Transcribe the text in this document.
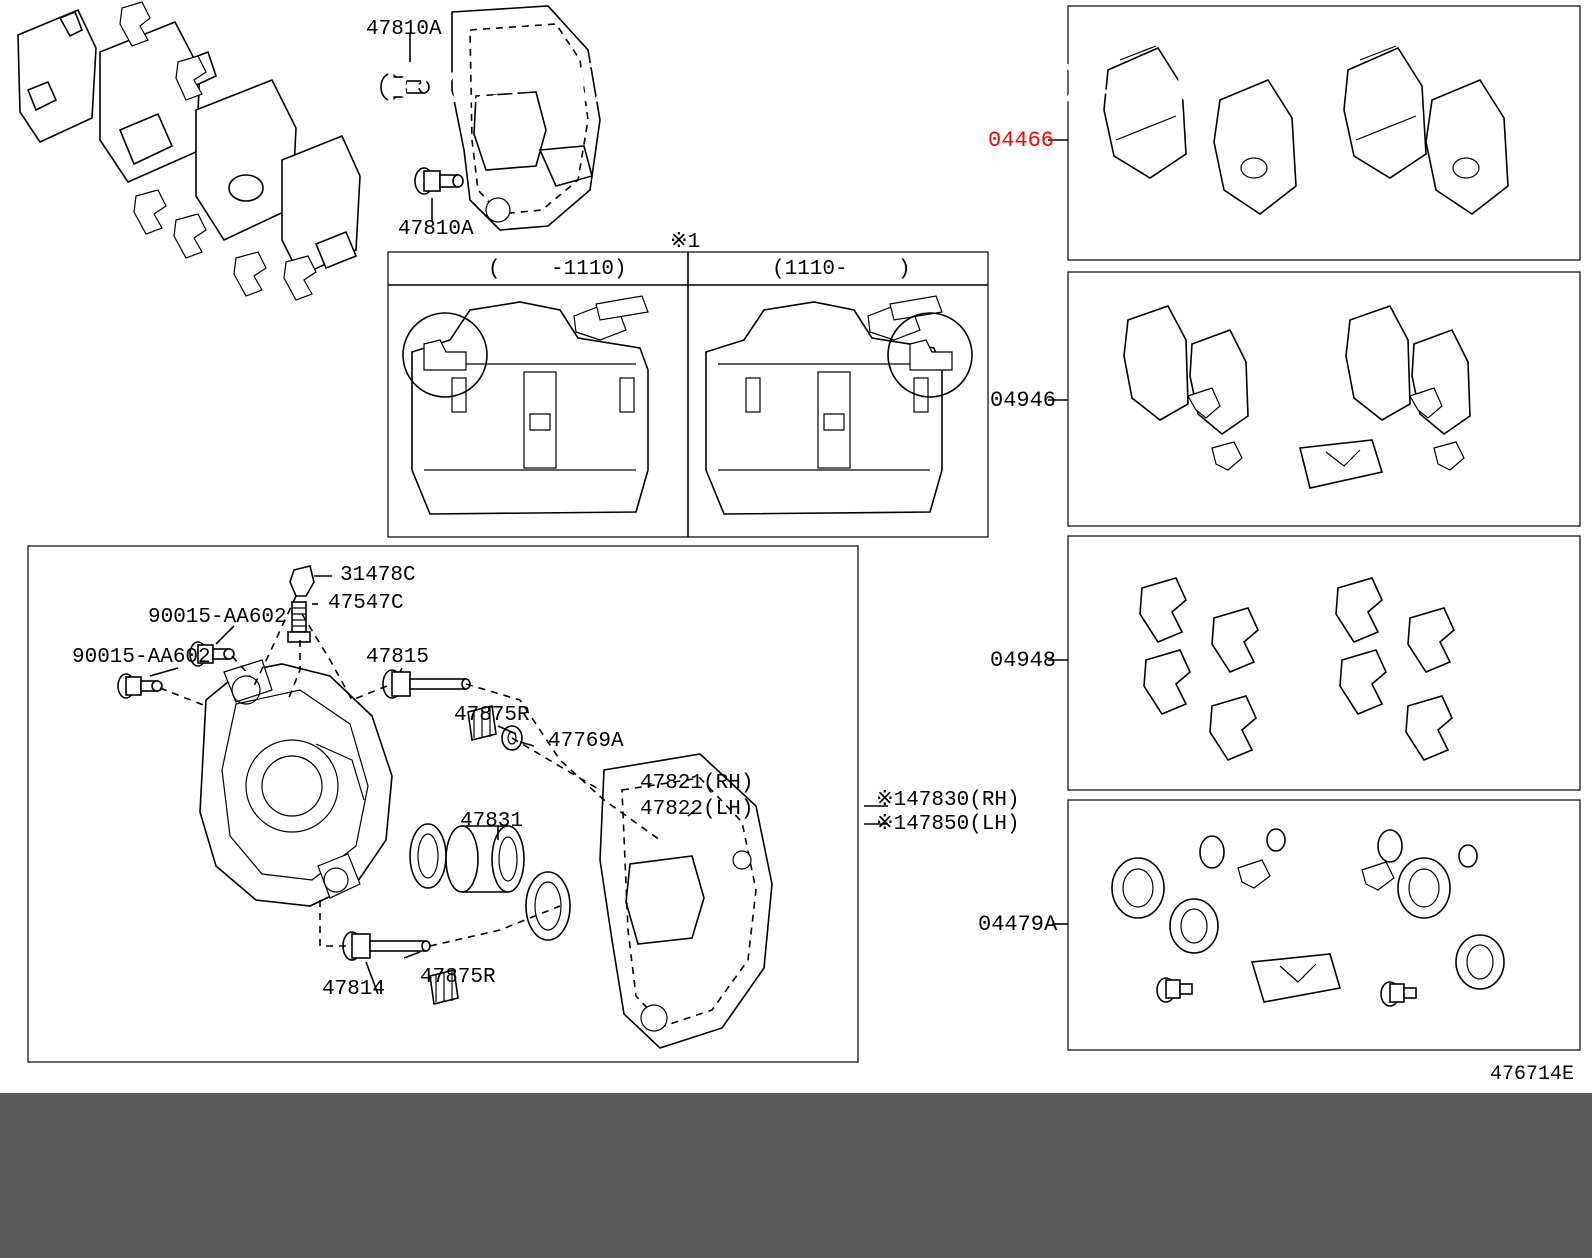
47810A
47810A
※1
(    -1110)	(1110-    )
31478C
47547C
90015-AA602
90015-AA602	47815
47875R
47769A
47831
47821(RH)
47822(LH)
47875R
47814
※147830(RH)
※147850(LH)
04466
04946
04948
04479A
476714E
lexus - 0446648130 N - 04466
